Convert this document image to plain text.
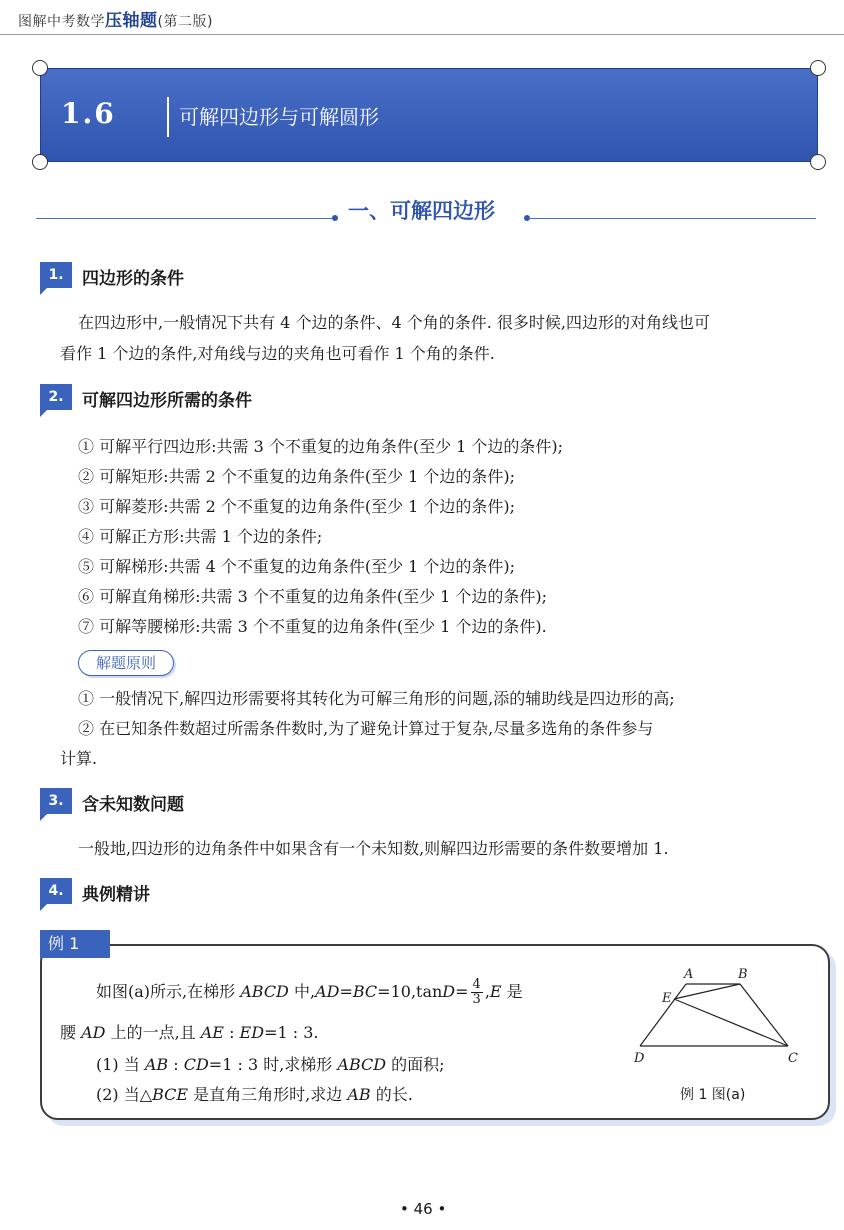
图解中考数学压轴题(第二版)
1.6	可解四边形与可解圆形
一、可解四边形
1.	四边形的条件
在四边形中,一般情况下共有 4 个边的条件、4 个角的条件. 很多时候,四边形的对角线也可
看作 1 个边的条件,对角线与边的夹角也可看作 1 个角的条件.
2.	可解四边形所需的条件
① 可解平行四边形:共需 3 个不重复的边角条件(至少 1 个边的条件);
② 可解矩形:共需 2 个不重复的边角条件(至少 1 个边的条件);
③ 可解菱形:共需 2 个不重复的边角条件(至少 1 个边的条件);
④ 可解正方形:共需 1 个边的条件;
⑤ 可解梯形:共需 4 个不重复的边角条件(至少 1 个边的条件);
⑥ 可解直角梯形:共需 3 个不重复的边角条件(至少 1 个边的条件);
⑦ 可解等腰梯形:共需 3 个不重复的边角条件(至少 1 个边的条件).
解题原则
① 一般情况下,解四边形需要将其转化为可解三角形的问题,添的辅助线是四边形的高;
② 在已知条件数超过所需条件数时,为了避免计算过于复杂,尽量多选角的条件参与
计算.
3.	含未知数问题
一般地,四边形的边角条件中如果含有一个未知数,则解四边形需要的条件数要增加 1.
4.	典例精讲
例 1
如图(a)所示,在梯形 ABCD 中$,AD=BC=10,\tan D= \frac{4}{3} ,E$ 是
腰 AD 上的一点,且 AE : ED=1 : 3.
(1) 当 AB : CD=1 : 3 时,求梯形 ABCD 的面积;
(2) 当△BCE 是直角三角形时,求边 AB 的长.
A	B
C
D
E
例 1 图(a)
• 46 •
